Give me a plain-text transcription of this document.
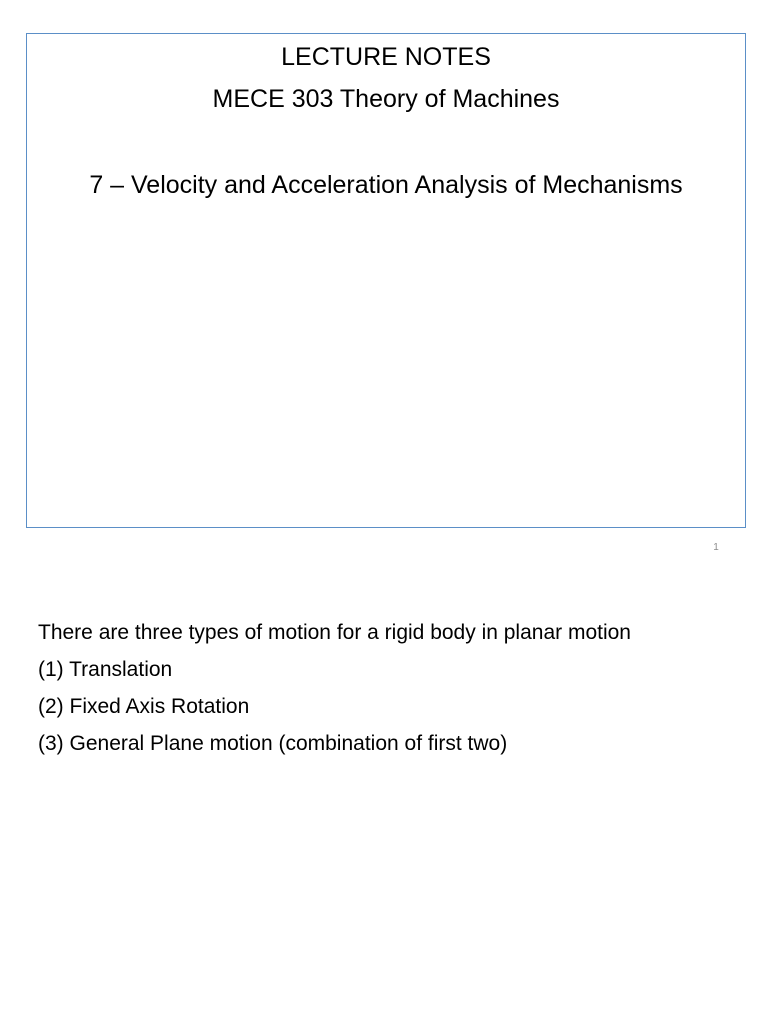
LECTURE NOTES
MECE 303 Theory of Machines
7 – Velocity and Acceleration Analysis of Mechanisms
1
There are three types of motion for a rigid body in planar motion
(1) Translation
(2) Fixed Axis Rotation
(3) General Plane motion (combination of first two)
